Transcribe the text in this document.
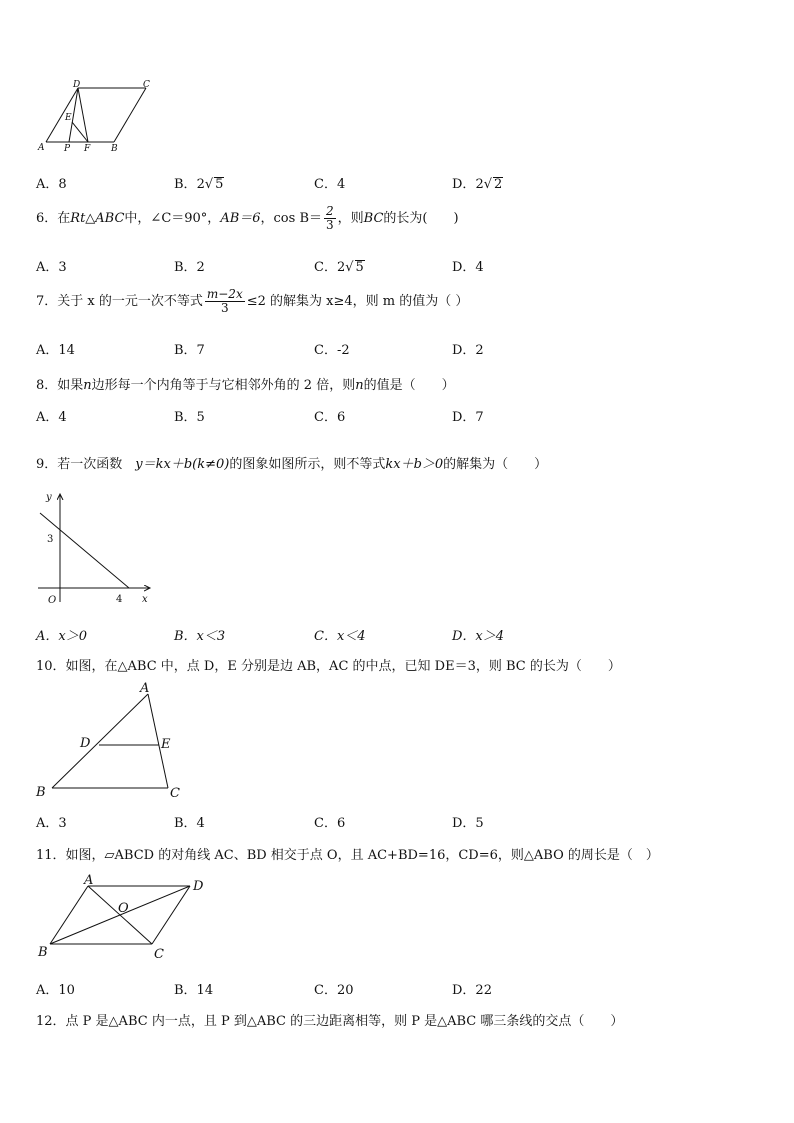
D	C
E
A P F B
A．8	B．2√ 5	C．4	D．2√ 2
6．在Rt△ABC中，∠C＝90°，AB＝6，$\cos B= \frac{2}{3}$ ，则BC的长为(　　)
A．3	B．2	C．2√ 5	D．4
7．关于 x 的一元一次不等式 $\frac{m-2x}{3} \le 2$ 的解集为 x≥4，则 m 的值为（ ）
A．14	B．7	C．-2	D．2
8．如果n边形每一个内角等于与它相邻外角的 2 倍，则n的值是（　　）
A．4	B．5	C．6	D．7
9．若一次函数　y＝kx＋b(k≠0)的图象如图所示，则不等式kx＋b＞0的解集为（　　）
y
x
O
3
4
A．x＞0	B．x＜3	C．x＜4	D．x＞4
10．如图，在△ABC 中，点 D，E 分别是边 AB，AC 的中点，已知 DE＝3，则 BC 的长为（　　）
A
B	C
D	E
A．3	B．4	C．6	D．5
11．如图，▱ABCD 的对角线 AC、BD 相交于点 O，且 AC+BD=16，CD=6，则△ABO 的周长是（　）
A	D
B	C
O
A．10	B．14	C．20	D．22
12．点 P 是△ABC 内一点，且 P 到△ABC 的三边距离相等，则 P 是△ABC 哪三条线的交点（　　）
